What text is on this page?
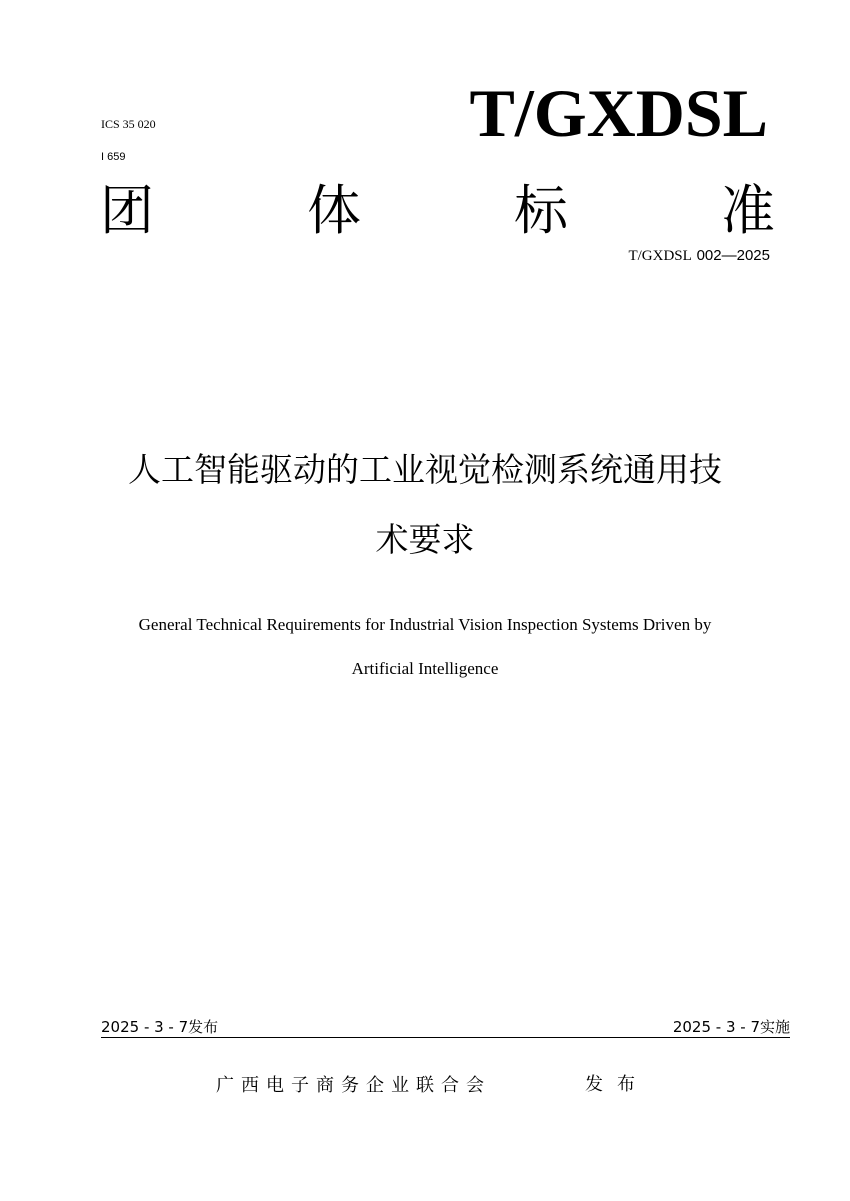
ICS 35 020
I 659
T/GXDSL
团	体	标	准
T/GXDSL 002—2025
人工智能驱动的工业视觉检测系统通用技
术要求
General Technical Requirements for Industrial Vision Inspection Systems Driven by
Artificial Intelligence
2025 - 3 - 7发布	2025 - 3 - 7实施
广西电子商务企业联合会	发布
